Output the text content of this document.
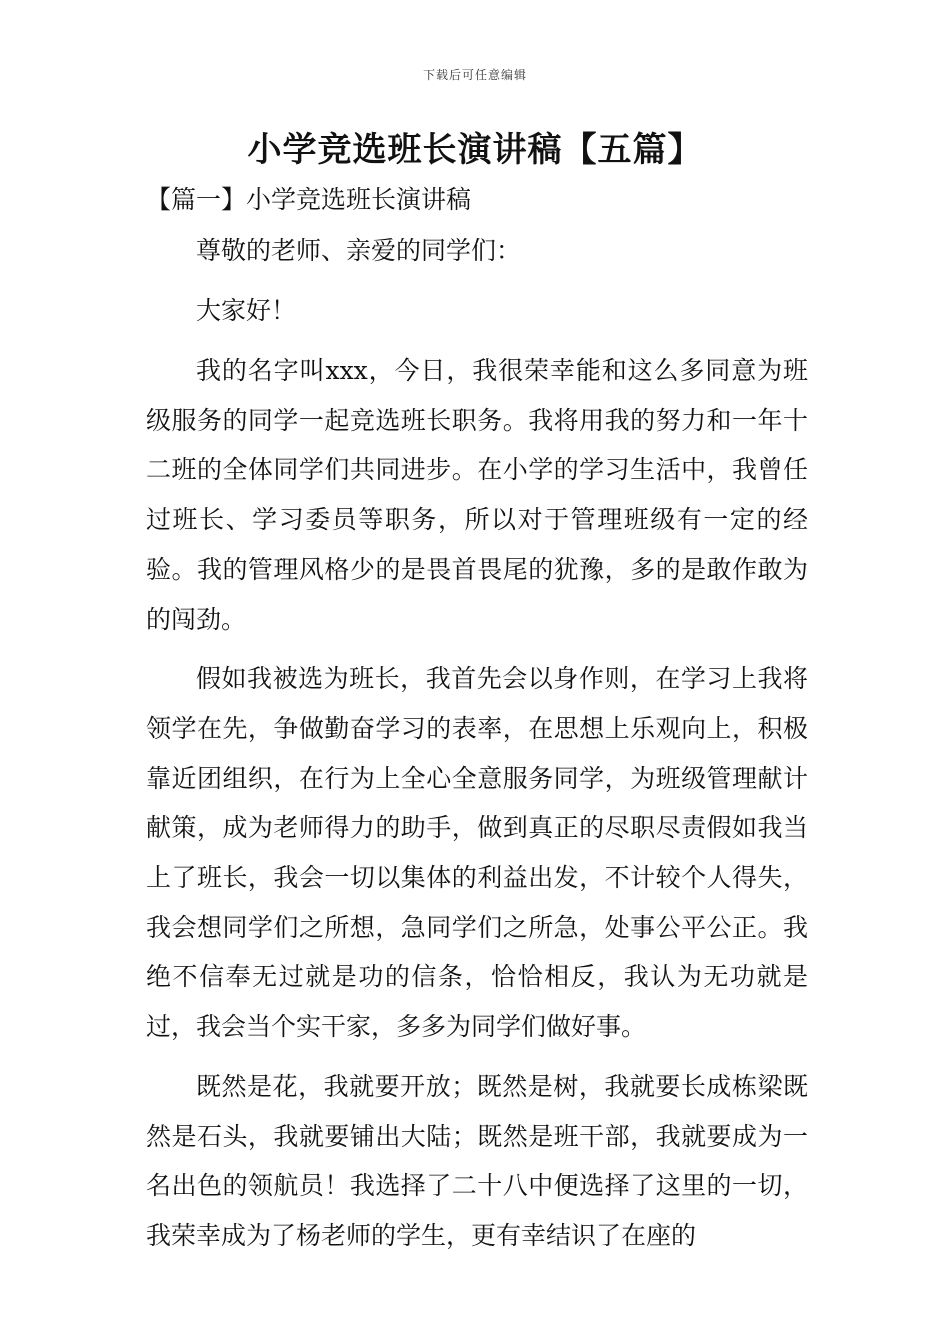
下载后可任意编辑
小学竞选班长演讲稿【五篇】
【篇一】小学竞选班长演讲稿

尊敬的老师、亲爱的同学们：

大家好！

我的名字叫xxx，今日，我很荣幸能和这么多同意为班级服务的同学一起竞选班长职务。我将用我的努力和一年十二班的全体同学们共同进步。在小学的学习生活中，我曾任过班长、学习委员等职务，所以对于管理班级有一定的经验。我的管理风格少的是畏首畏尾的犹豫，多的是敢作敢为的闯劲。

假如我被选为班长，我首先会以身作则，在学习上我将领学在先，争做勤奋学习的表率，在思想上乐观向上，积极靠近团组织，在行为上全心全意服务同学，为班级管理献计献策，成为老师得力的助手，做到真正的尽职尽责假如我当上了班长，我会一切以集体的利益出发，不计较个人得失，我会想同学们之所想，急同学们之所急，处事公平公正。我绝不信奉无过就是功的信条，恰恰相反，我认为无功就是过，我会当个实干家，多多为同学们做好事。

既然是花，我就要开放；既然是树，我就要长成栋梁既然是石头，我就要铺出大陆；既然是班干部，我就要成为一名出色的领航员！我选择了二十八中便选择了这里的一切，我荣幸成为了杨老师的学生，更有幸结识了在座的
